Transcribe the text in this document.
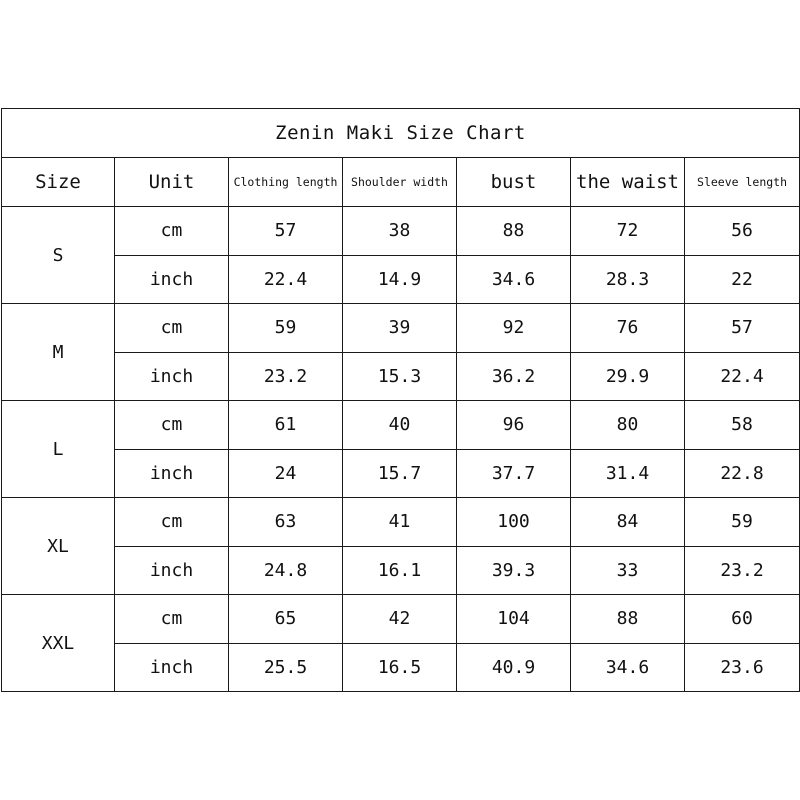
Zenin Maki Size Chart						
Size	Unit	Clothing length	Shoulder width	bust	the waist	Sleeve length
S	cm	57	38	88	72	56
	inch	22.4	14.9	34.6	28.3	22
M	cm	59	39	92	76	57
	inch	23.2	15.3	36.2	29.9	22.4
L	cm	61	40	96	80	58
	inch	24	15.7	37.7	31.4	22.8
XL	cm	63	41	100	84	59
	inch	24.8	16.1	39.3	33	23.2
XXL	cm	65	42	104	88	60
	inch	25.5	16.5	40.9	34.6	23.6
